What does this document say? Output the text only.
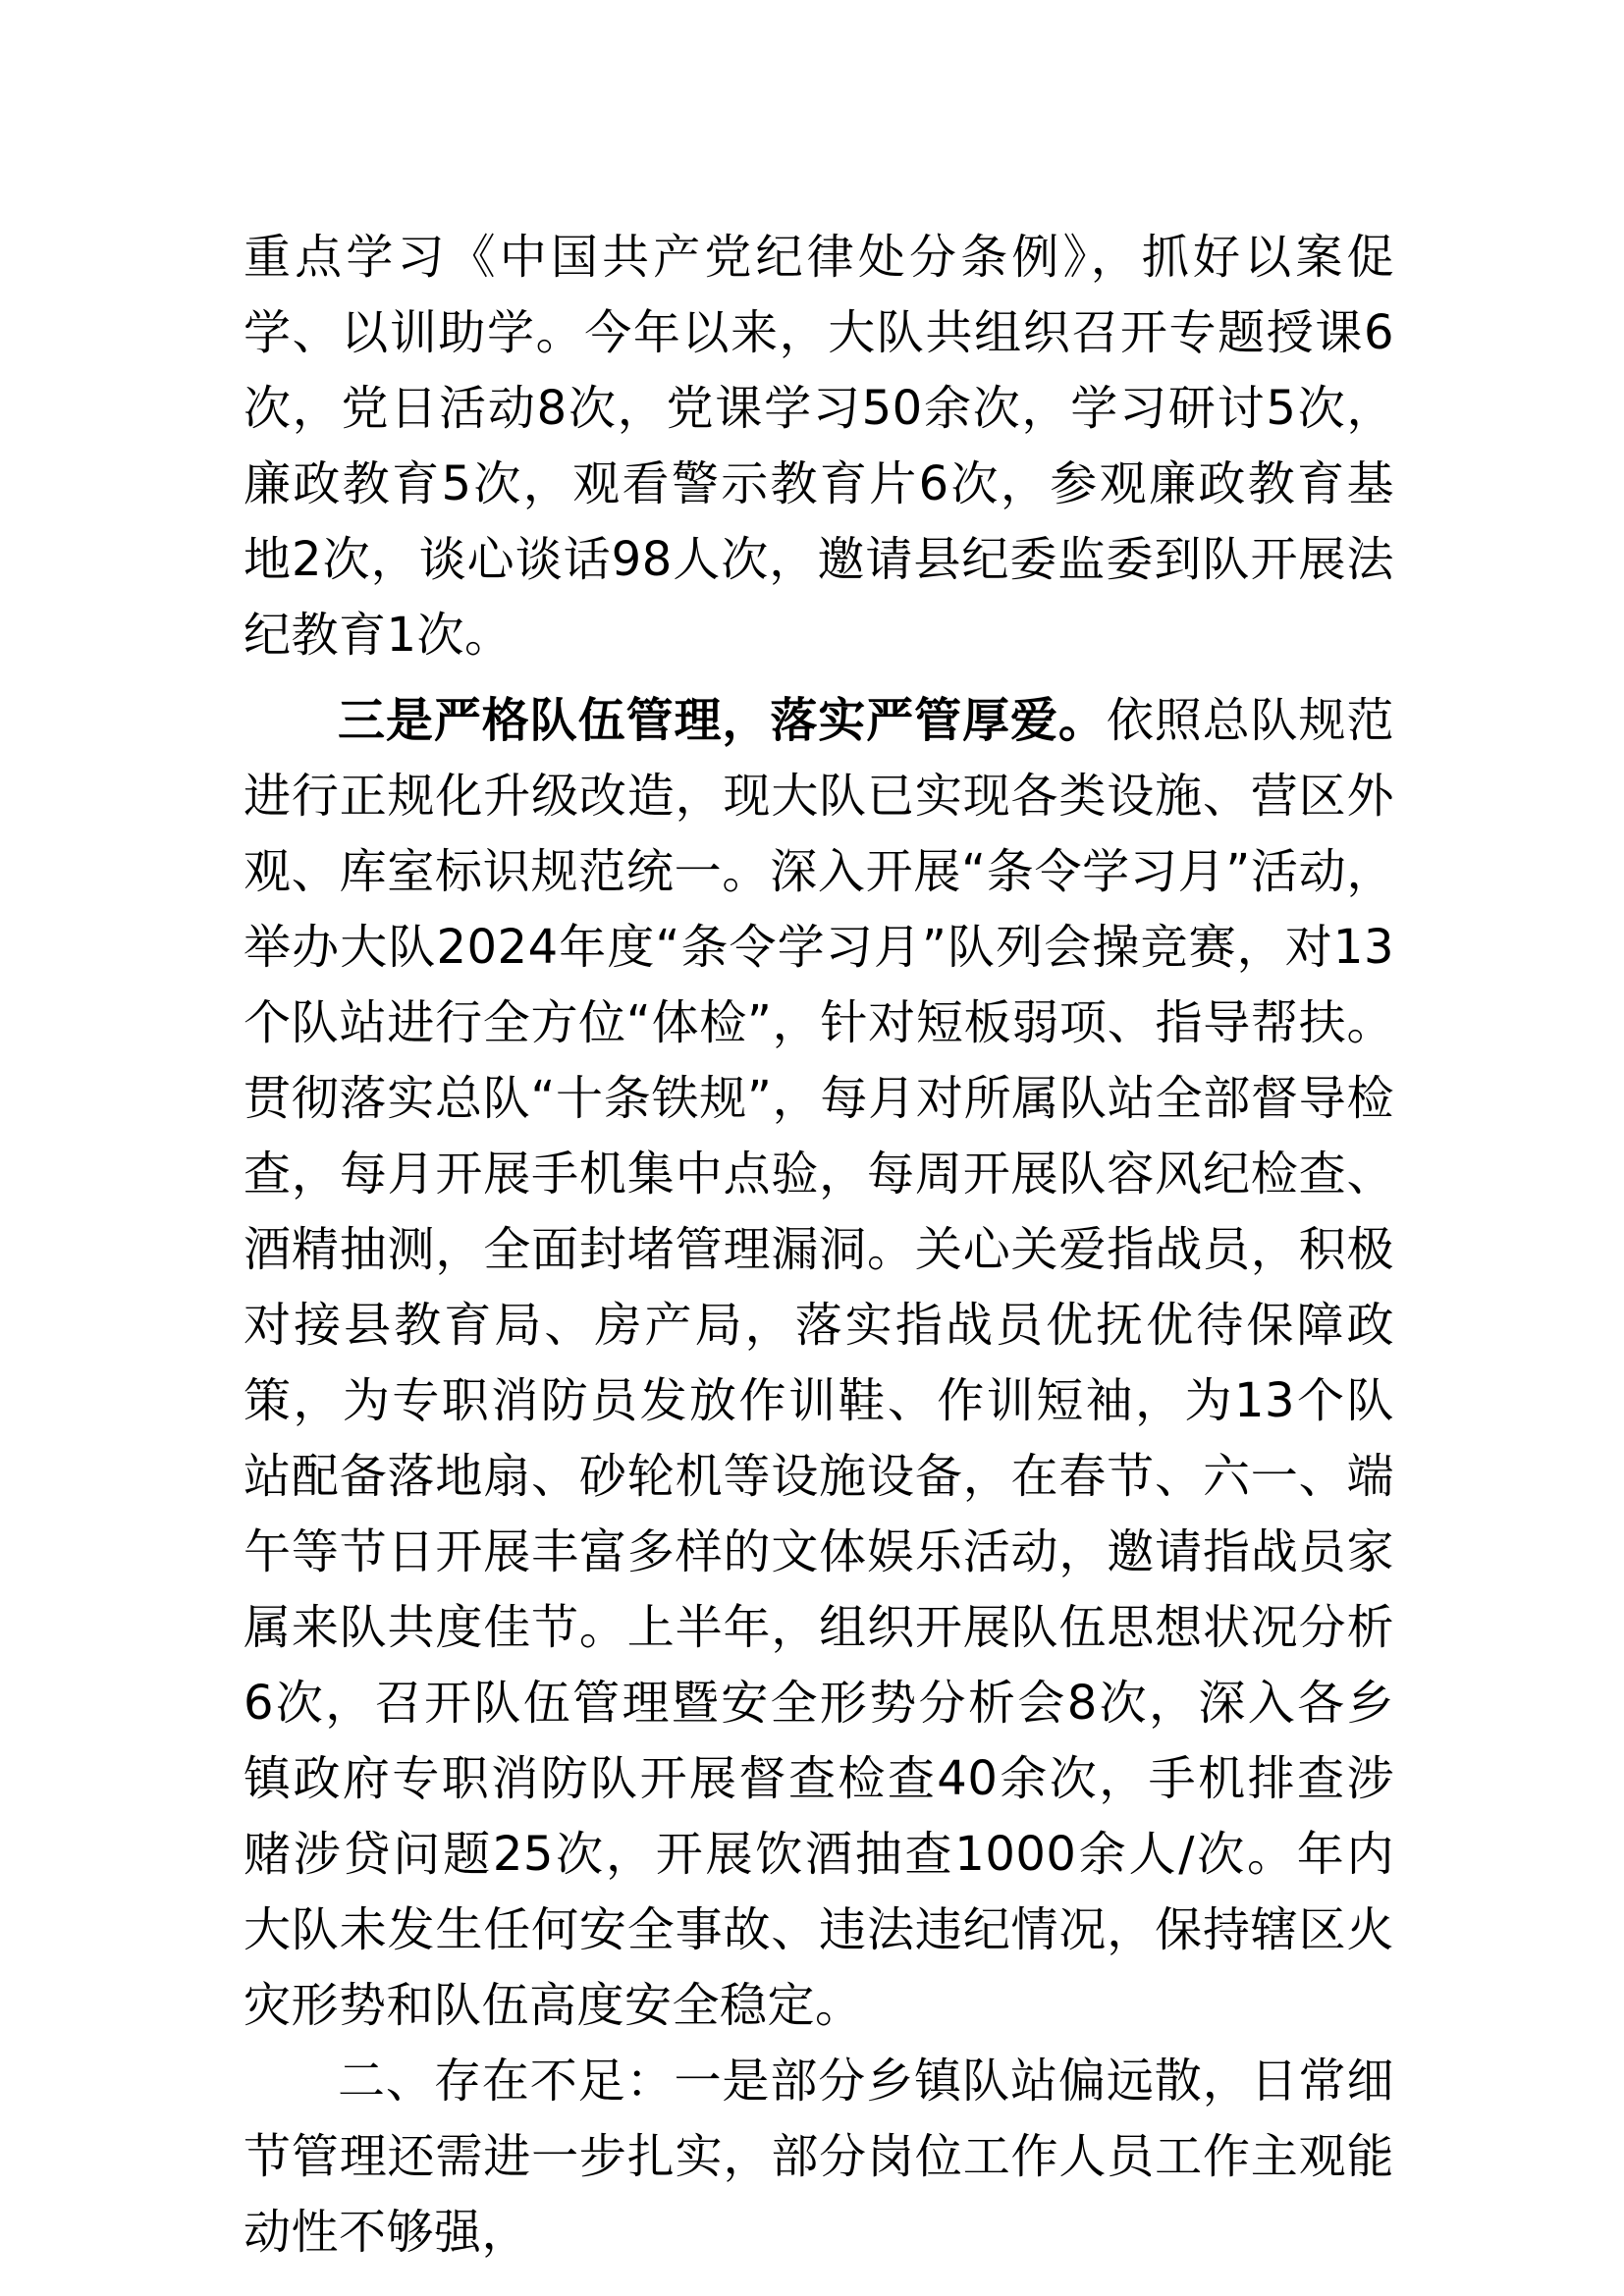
重点学习《中国共产党纪律处分条例》，抓好以案促学、以训助学。今年以来，大队共组织召开专题授课6次，党日活动8次，党课学习50余次，学习研讨5次，廉政教育5次，观看警示教育片6次，参观廉政教育基地2次，谈心谈话98人次，邀请县纪委监委到队开展法纪教育1次。

三是严格队伍管理，落实严管厚爱。依照总队规范进行正规化升级改造，现大队已实现各类设施、营区外观、库室标识规范统一。深入开展“条令学习月”活动，举办大队2024年度“条令学习月”队列会操竞赛，对13个队站进行全方位“体检”，针对短板弱项、指导帮扶。贯彻落实总队“十条铁规”，每月对所属队站全部督导检查，每月开展手机集中点验，每周开展队容风纪检查、酒精抽测，全面封堵管理漏洞。关心关爱指战员，积极对接县教育局、房产局，落实指战员优抚优待保障政策，为专职消防员发放作训鞋、作训短袖，为13个队站配备落地扇、砂轮机等设施设备，在春节、六一、端午等节日开展丰富多样的文体娱乐活动，邀请指战员家属来队共度佳节。上半年，组织开展队伍思想状况分析6次，召开队伍管理暨安全形势分析会8次，深入各乡镇政府专职消防队开展督查检查40余次，手机排查涉赌涉贷问题25次，开展饮酒抽查1000余人/次。年内大队未发生任何安全事故、违法违纪情况，保持辖区火灾形势和队伍高度安全稳定。

二、存在不足：一是部分乡镇队站偏远散，日常细节管理还需进一步扎实，部分岗位工作人员工作主观能动性不够强，
